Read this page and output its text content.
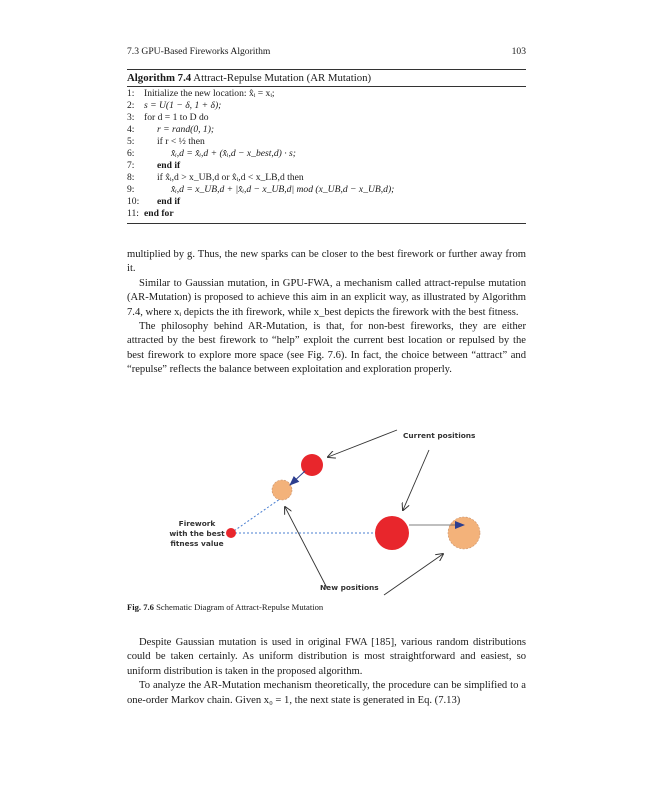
7.3 GPU-Based Fireworks Algorithm	103
Algorithm 7.4 Attract-Repulse Mutation (AR Mutation)
1: Initialize the new location: x̂ᵢ = xᵢ;
2: s = U(1 − δ, 1 + δ);
3: for d = 1 to D do
4:	r = rand(0, 1);
5:	if r < ½ then
6:	x̂ᵢ,d = x̂ᵢ,d + (x̂ᵢ,d − x_best,d) · s;
7:	end if
8:	if x̂ᵢ,d > x_UB,d or x̂ᵢ,d < x_LB,d then
9:	x̂ᵢ,d = x_UB,d + |x̂ᵢ,d − x_UB,d| mod (x_UB,d − x_UB,d);
10:	end if
11: end for

multiplied by g. Thus, the new sparks can be closer to the best firework or further away from it.

Similar to Gaussian mutation, in GPU-FWA, a mechanism called attract-repulse mutation (AR-Mutation) is proposed to achieve this aim in an explicit way, as illustrated by Algorithm 7.4, where xᵢ depicts the ith firework, while x_best depicts the firework with the best fitness.

The philosophy behind AR-Mutation, is that, for non-best fireworks, they are either attracted by the best firework to “help” exploit the current best location or repulsed by the best firework to explore more space (see Fig. 7.6). In fact, the choice between “attract” and “repulse” reflects the balance between exploitation and exploration properly.

Current positions
Firework
with the best
fitness value
New positions
Fig. 7.6 Schematic Diagram of Attract-Repulse Mutation

Despite Gaussian mutation is used in original FWA [185], various random distributions could be taken certainly. As uniform distribution is most straightforward and easiest, so uniform distribution is taken in the proposed algorithm.

To analyze the AR-Mutation mechanism theoretically, the procedure can be simplified to a one-order Markov chain. Given x₀ = 1, the next state is generated in Eq. (7.13)
